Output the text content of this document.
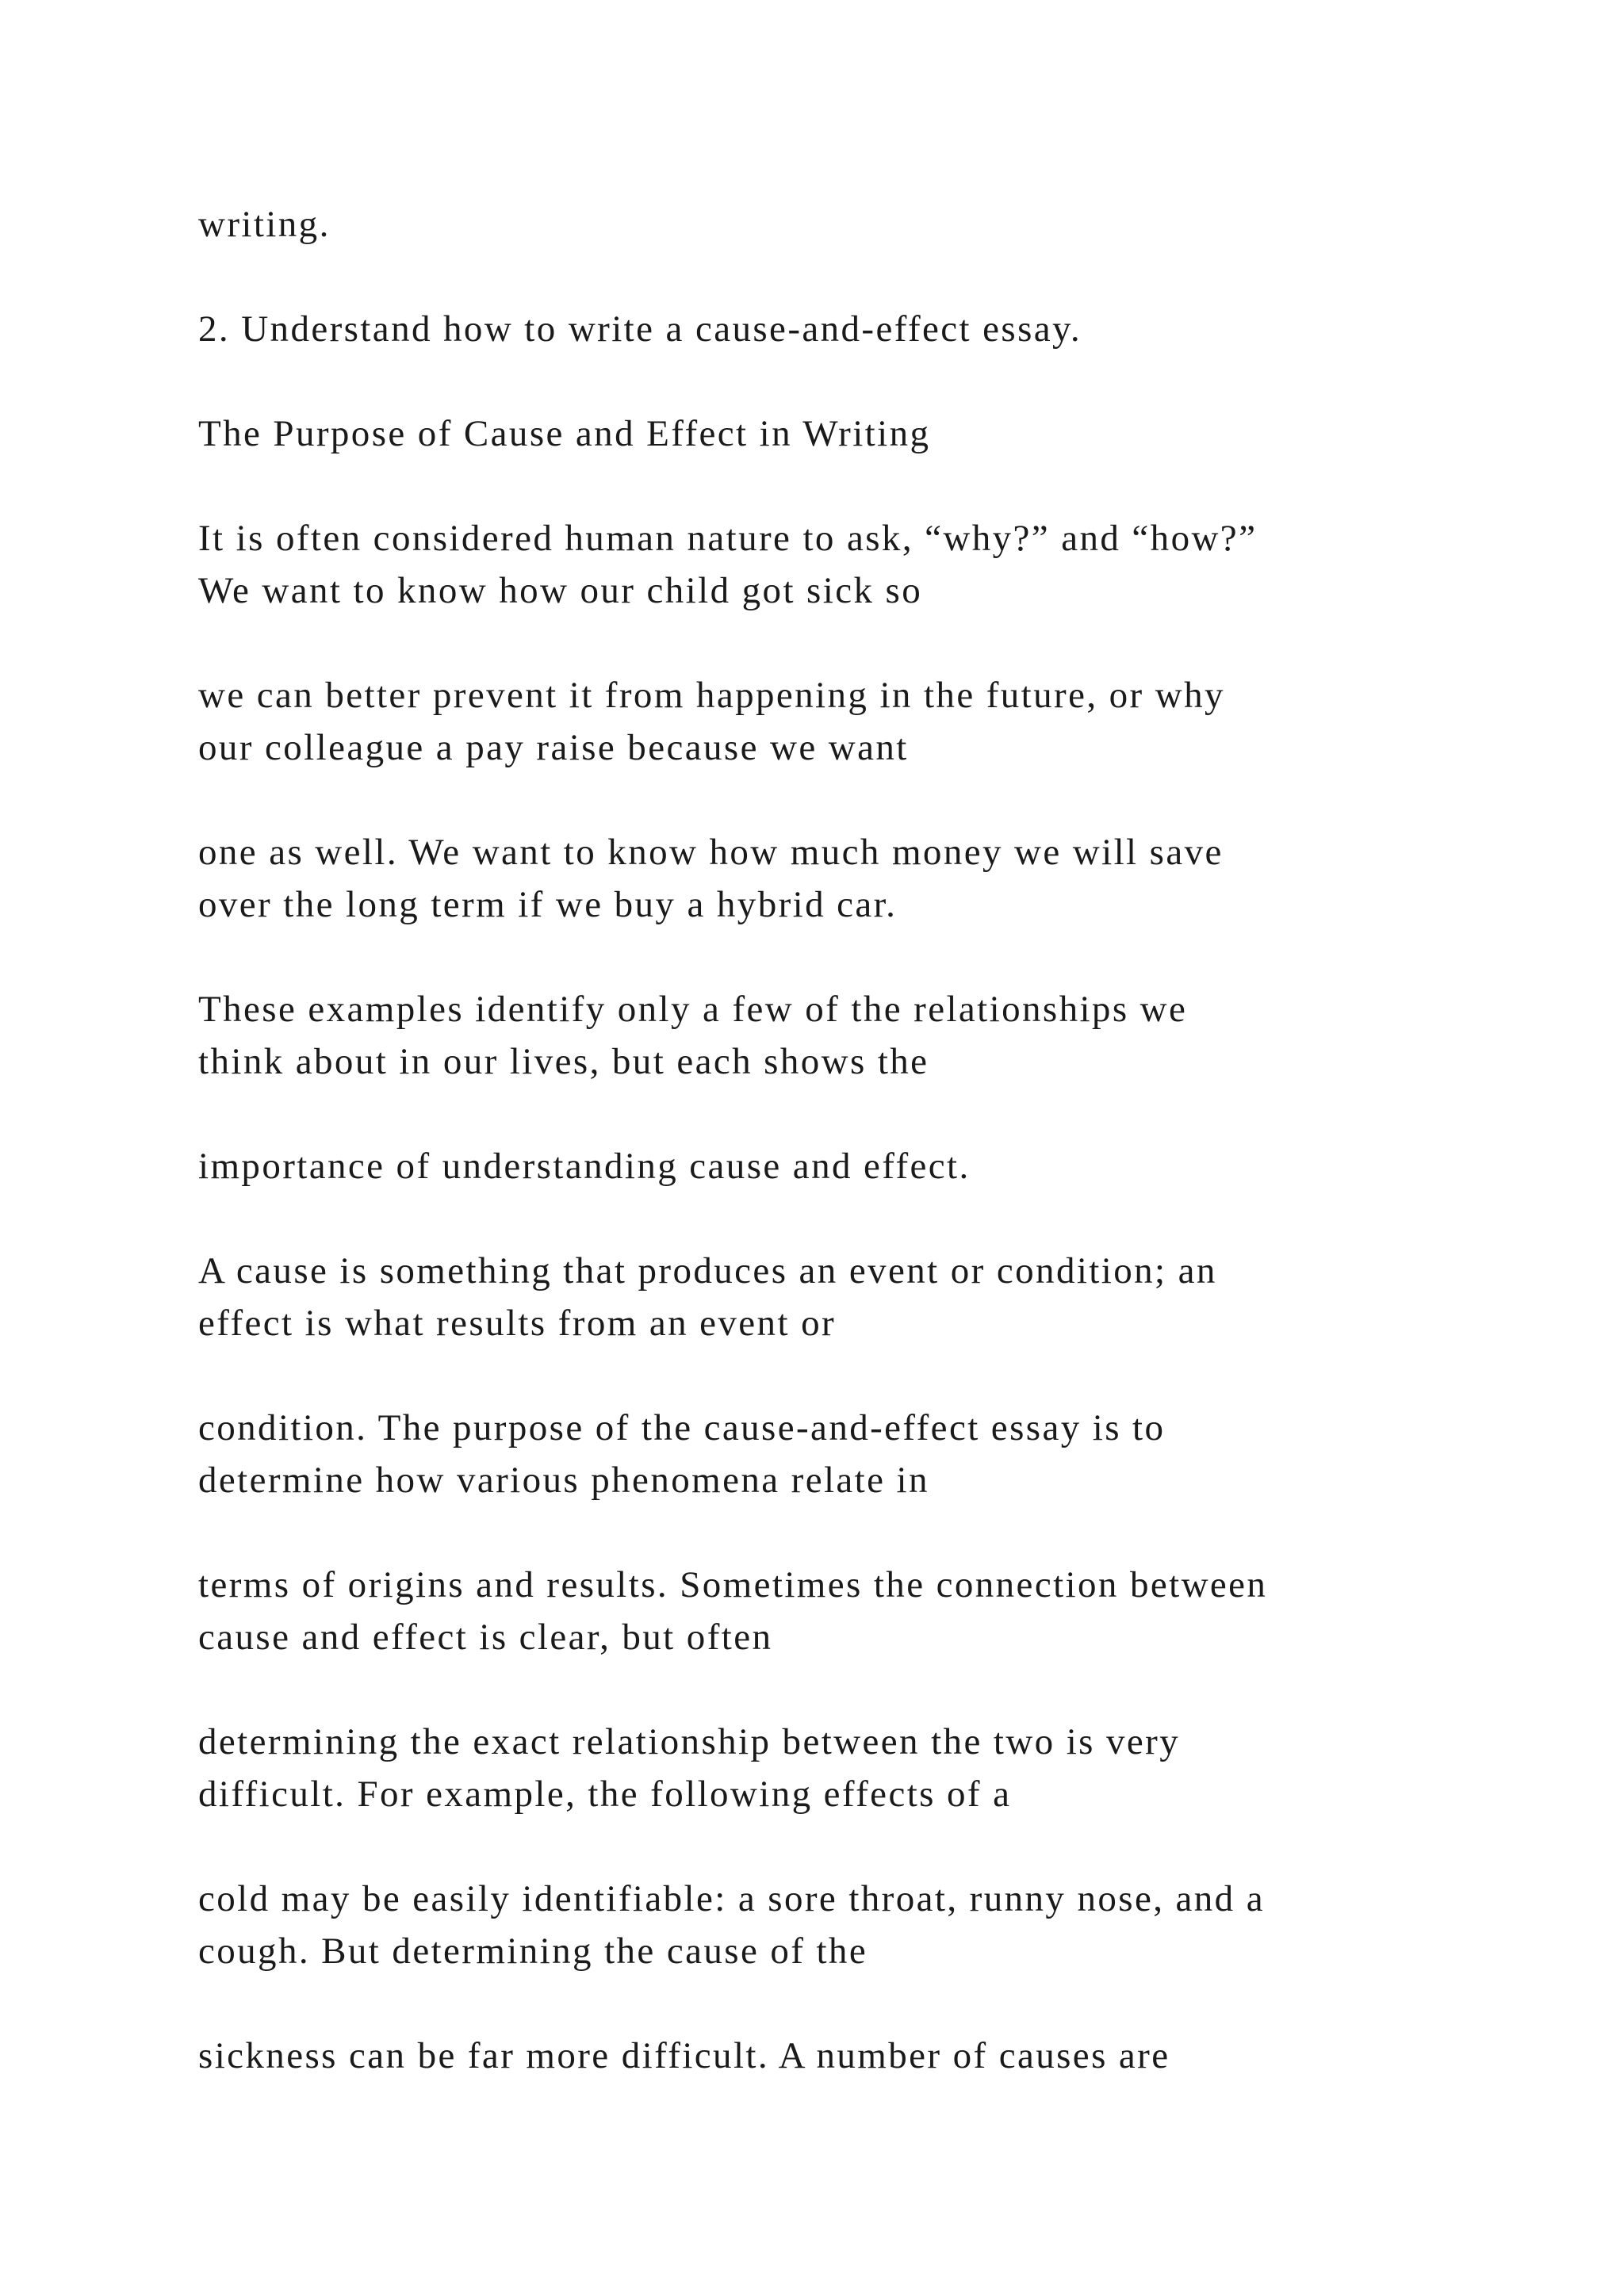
writing.

2. Understand how to write a cause-and-effect essay.

The Purpose of Cause and Effect in Writing

It is often considered human nature to ask, “why?” and “how?”

We want to know how our child got sick so

we can better prevent it from happening in the future, or why

our colleague a pay raise because we want

one as well. We want to know how much money we will save

over the long term if we buy a hybrid car.

These examples identify only a few of the relationships we

think about in our lives, but each shows the

importance of understanding cause and effect.

A cause is something that produces an event or condition; an

effect is what results from an event or

condition. The purpose of the cause-and-effect essay is to

determine how various phenomena relate in

terms of origins and results. Sometimes the connection between

cause and effect is clear, but often

determining the exact relationship between the two is very

difficult. For example, the following effects of a

cold may be easily identifiable: a sore throat, runny nose, and a

cough. But determining the cause of the

sickness can be far more difficult. A number of causes are
